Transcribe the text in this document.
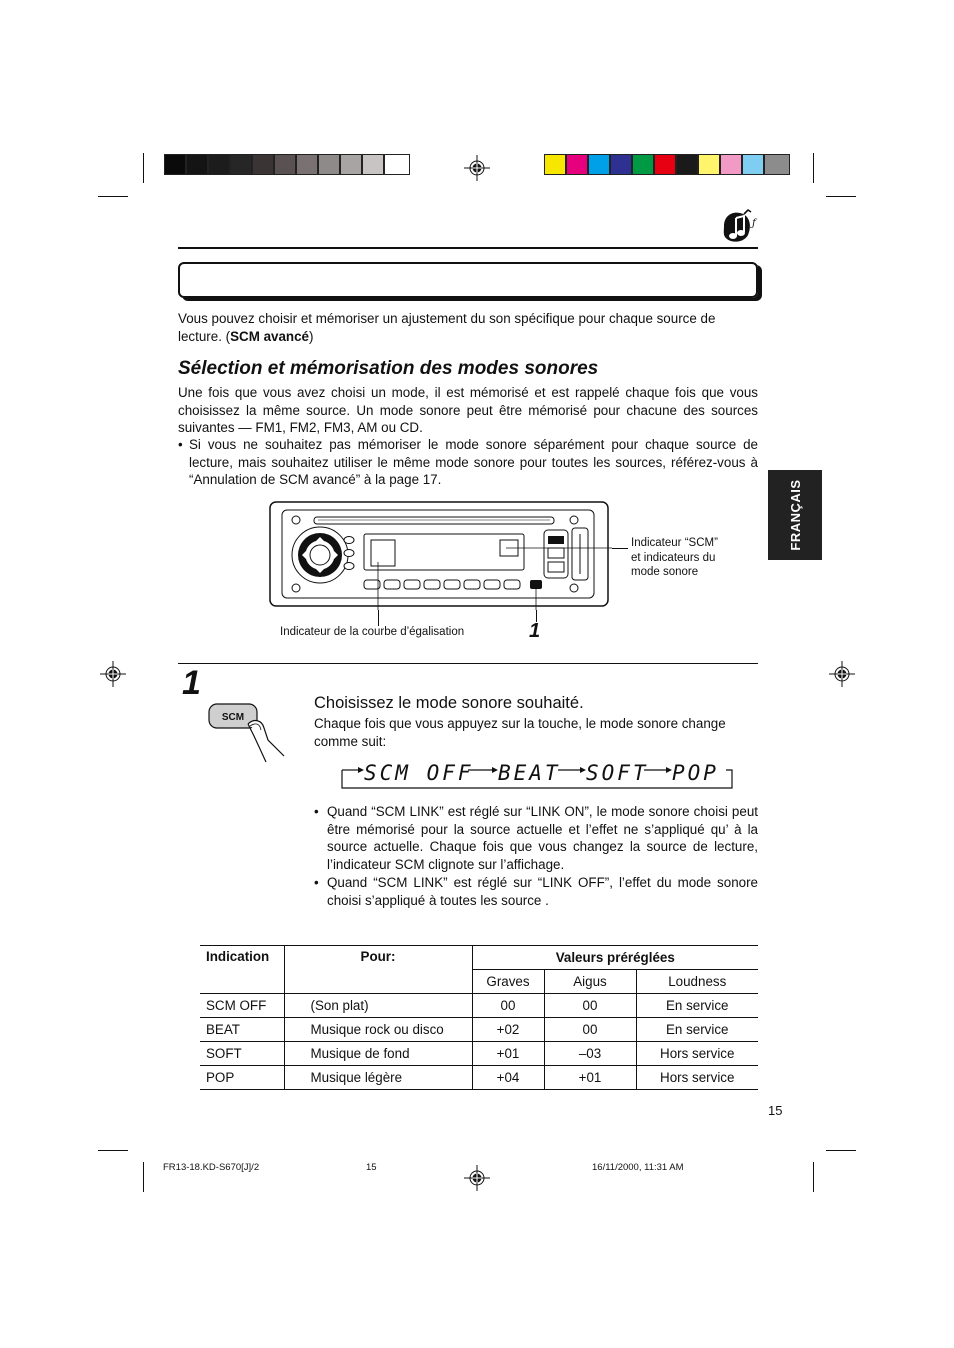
ƒ
Vous pouvez choisir et mémoriser un ajustement du son spécifique pour chaque source de
lecture. (SCM avancé)
Sélection et mémorisation des modes sonores
Une fois que vous avez choisi un mode, il est mémorisé et est rappelé chaque fois que vous choisissez la même source. Un mode sonore peut être mémorisé pour chacune des sources suivantes — FM1, FM2, FM3, AM ou CD.
• Si vous ne souhaitez pas mémoriser le mode sonore séparément pour chaque source de lecture, mais souhaitez utiliser le même mode sonore pour toutes les sources, référez-vous à “Annulation de SCM avancé” à la page 17.	FRANÇAIS
Indicateur “SCM”
et indicateurs du
mode sonore
Indicateur de la courbe d’égalisation	1
1
SCM
Choisissez le mode sonore souhaité.
Chaque fois que vous appuyez sur la touche, le mode sonore change comme suit:
SCM OFF BEAT SOFT POP
• Quand “SCM LINK” est réglé sur “LINK ON”, le mode sonore choisi peut être mémorisé pour la source actuelle et l’effet ne s’appliqué qu’ à la source actuelle. Chaque fois que vous changez la source de lecture, l’indicateur SCM clignote sur l’affichage.
• Quand “SCM LINK” est réglé sur “LINK OFF”, l’effet du mode sonore choisi s’appliqué à toutes les source .
Indication	Pour:	Valeurs préréglées		
		Graves	Aigus	Loudness
SCM OFF	(Son plat)	00	00	En service
BEAT	Musique rock ou disco	+02	00	En service
SOFT	Musique de fond	+01	–03	Hors service
POP	Musique légère	+04	+01	Hors service
15
FR13-18.KD-S670[J]/2	15	16/11/2000, 11:31 AM
